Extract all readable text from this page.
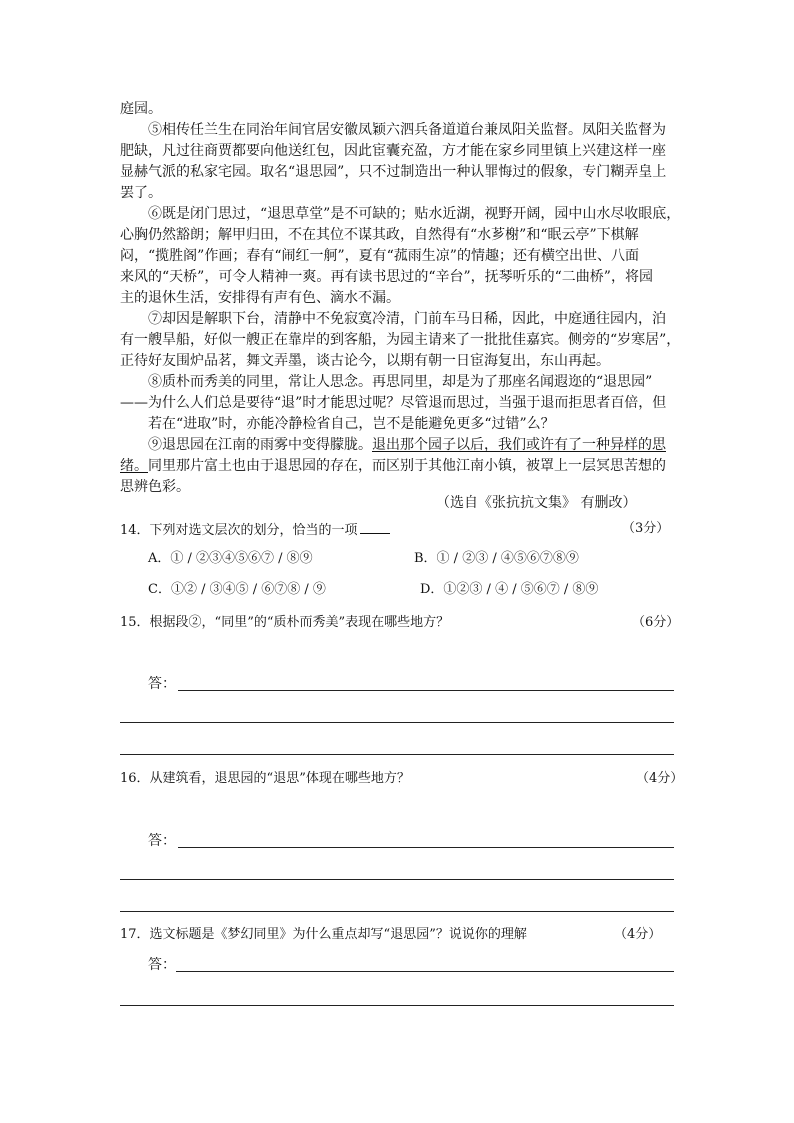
庭园。
⑤相传任兰生在同治年间官居安徽凤颖六泗兵备道道台兼凤阳关监督。凤阳关监督为
肥缺，凡过往商贾都要向他送红包，因此宦囊充盈，方才能在家乡同里镇上兴建这样一座
显赫气派的私家宅园。取名“退思园”，只不过制造出一种认罪悔过的假象，专门糊弄皇上
罢了。
⑥既是闭门思过，“退思草堂”是不可缺的；贴水近湖，视野开阔，园中山水尽收眼底，
心胸仍然豁朗；解甲归田，不在其位不谋其政，自然得有“水芗榭”和“眠云亭”下棋解
闷，“揽胜阁”作画；春有“闹红一舸”，夏有“菰雨生凉”的情趣；还有横空出世、八面
来风的“天桥”，可令人精神一爽。再有读书思过的“辛台”，抚琴听乐的“二曲桥”，将园
主的退休生活，安排得有声有色、滴水不漏。
⑦却因是解职下台，清静中不免寂寞冷清，门前车马日稀，因此，中庭通往园内，泊
有一艘旱船，好似一艘正在靠岸的到客船，为园主请来了一批批佳嘉宾。侧旁的“岁寒居”，
正待好友围炉品茗，舞文弄墨，谈古论今，以期有朝一日宦海复出，东山再起。
⑧质朴而秀美的同里，常让人思念。再思同里，却是为了那座名闻遐迩的“退思园”
——为什么人们总是要待“退”时才能思过呢？尽管退而思过，当强于退而拒思者百倍，但
若在“进取”时，亦能冷静检省自己，岂不是能避免更多“过错”么？
⑨退思园在江南的雨雾中变得朦胧。退出那个园子以后，我们或许有了一种异样的思
绪。同里那片富土也由于退思园的存在，而区别于其他江南小镇，被罩上一层冥思苦想的
思辨色彩。
（选自《张抗抗文集》 有删改）
14．下列对选文层次的划分，恰当的一项	（3分）
A．① / ②③④⑤⑥⑦ / ⑧⑨	B．① / ②③ / ④⑤⑥⑦⑧⑨
C．①② / ③④⑤ / ⑥⑦⑧ / ⑨	D．①②③ / ④ / ⑤⑥⑦ / ⑧⑨
15．根据段②，“同里”的“质朴而秀美”表现在哪些地方？	（6分）
答：
16．从建筑看，退思园的“退思”体现在哪些地方？	（4分）
答：
17．选文标题是《梦幻同里》为什么重点却写“退思园”？说说你的理解	（4分）
答：
